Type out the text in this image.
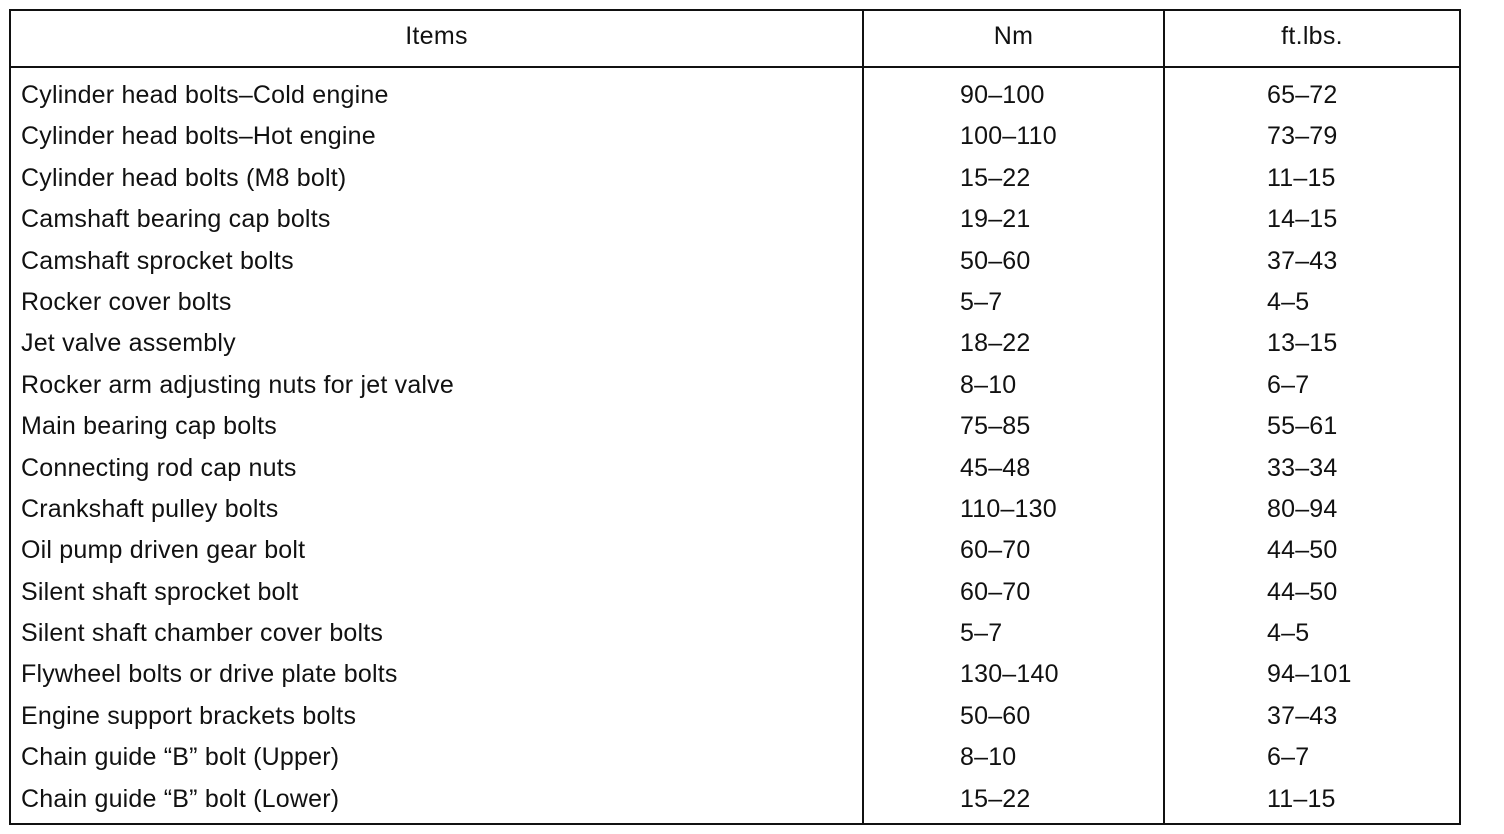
Items	Nm	ft.lbs.
Cylinder head bolts–Cold engine	90–100	65–72
Cylinder head bolts–Hot engine	100–110	73–79
Cylinder head bolts (M8 bolt)	15–22	11–15
Camshaft bearing cap bolts	19–21	14–15
Camshaft sprocket bolts	50–60	37–43
Rocker cover bolts	5–7	4–5
Jet valve assembly	18–22	13–15
Rocker arm adjusting nuts for jet valve	8–10	6–7
Main bearing cap bolts	75–85	55–61
Connecting rod cap nuts	45–48	33–34
Crankshaft pulley bolts	110–130	80–94
Oil pump driven gear bolt	60–70	44–50
Silent shaft sprocket bolt	60–70	44–50
Silent shaft chamber cover bolts	5–7	4–5
Flywheel bolts or drive plate bolts	130–140	94–101
Engine support brackets bolts	50–60	37–43
Chain guide “B” bolt (Upper)	8–10	6–7
Chain guide “B” bolt (Lower)	15–22	11–15
